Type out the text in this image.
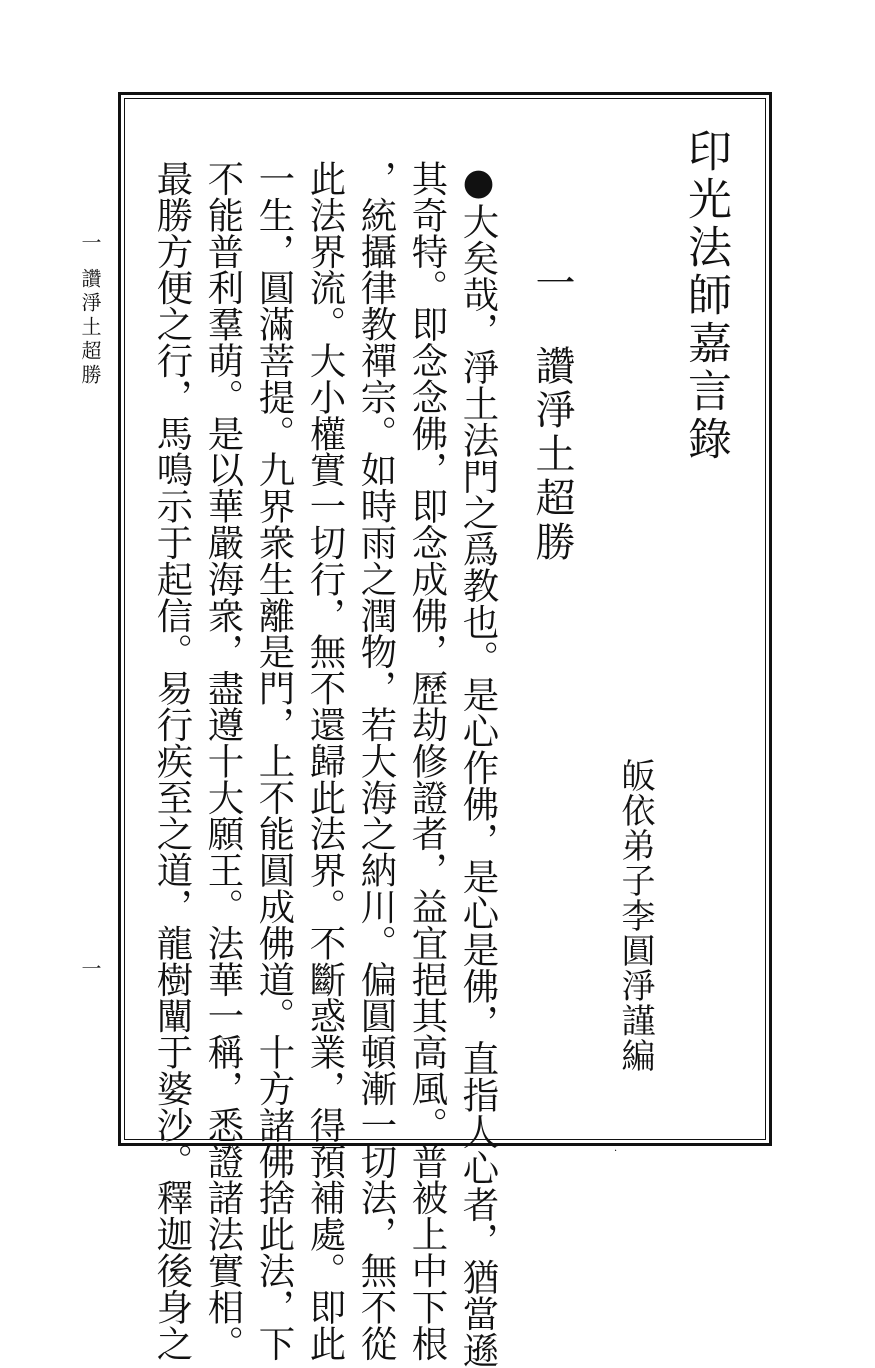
印光法師嘉言錄
一
讚淨土超勝
皈依弟子李圓淨謹編
●大矣哉，淨土法門之爲教也。是心作佛，是心是佛，直指人心者，猶當遜
其奇特。即念念佛，即念成佛，歷劫修證者，益宜挹其高風。普被上中下根
，統攝律教禪宗。如時雨之潤物，若大海之納川。偏圓頓漸一切法，無不從
此法界流。大小權實一切行，無不還歸此法界。不斷惑業，得預補處。即此
一生，圓滿菩提。九界衆生離是門，上不能圓成佛道。十方諸佛捨此法，下
不能普利羣萌。是以華嚴海衆，盡遵十大願王。法華一稱，悉證諸法實相。
最勝方便之行，馬鳴示于起信。易行疾至之道，龍樹闡于婆沙。釋迦後身之
一
讚淨土超勝
一
·
